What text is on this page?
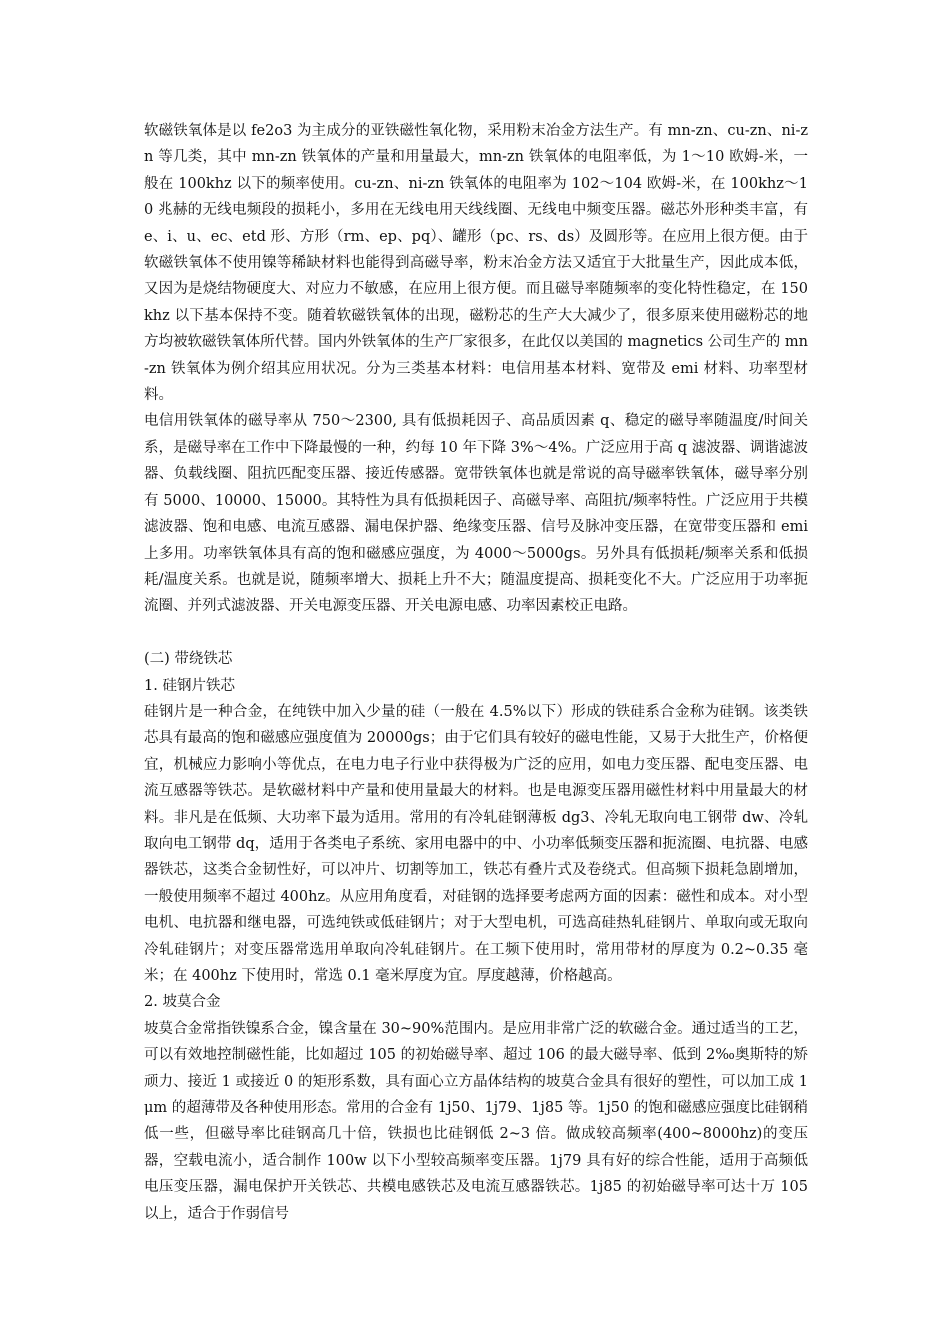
软磁铁氧体是以 fe2o3 为主成分的亚铁磁性氧化物，采用粉末冶金方法生产。有 mn-zn、cu-zn、ni-zn 等几类，其中 mn-zn 铁氧体的产量和用量最大，mn-zn 铁氧体的电阻率低，为 1～10 欧姆-米，一般在 100khz 以下的频率使用。cu-zn、ni-zn 铁氧体的电阻率为 102～104 欧姆-米，在 100khz～10 兆赫的无线电频段的损耗小，多用在无线电用天线线圈、无线电中频变压器。磁芯外形种类丰富，有 e、i、u、ec、etd 形、方形（rm、ep、pq）、罐形（pc、rs、ds）及圆形等。在应用上很方便。由于软磁铁氧体不使用镍等稀缺材料也能得到高磁导率，粉末冶金方法又适宜于大批量生产，因此成本低，又因为是烧结物硬度大、对应力不敏感，在应用上很方便。而且磁导率随频率的变化特性稳定，在 150khz 以下基本保持不变。随着软磁铁氧体的出现，磁粉芯的生产大大减少了，很多原来使用磁粉芯的地方均被软磁铁氧体所代替。国内外铁氧体的生产厂家很多，在此仅以美国的 magnetics 公司生产的 mn-zn 铁氧体为例介绍其应用状况。分为三类基本材料：电信用基本材料、宽带及 emi 材料、功率型材料。

电信用铁氧体的磁导率从 750～2300, 具有低损耗因子、高品质因素 q、稳定的磁导率随温度/时间关系，是磁导率在工作中下降最慢的一种，约每 10 年下降 3%～4%。广泛应用于高 q 滤波器、调谐滤波器、负载线圈、阻抗匹配变压器、接近传感器。宽带铁氧体也就是常说的高导磁率铁氧体，磁导率分别有 5000、10000、15000。其特性为具有低损耗因子、高磁导率、高阻抗/频率特性。广泛应用于共模滤波器、饱和电感、电流互感器、漏电保护器、绝缘变压器、信号及脉冲变压器，在宽带变压器和 emi 上多用。功率铁氧体具有高的饱和磁感应强度，为 4000～5000gs。另外具有低损耗/频率关系和低损耗/温度关系。也就是说，随频率增大、损耗上升不大；随温度提高、损耗变化不大。广泛应用于功率扼流圈、并列式滤波器、开关电源变压器、开关电源电感、功率因素校正电路。

(二) 带绕铁芯

1. 硅钢片铁芯

硅钢片是一种合金，在纯铁中加入少量的硅（一般在 4.5%以下）形成的铁硅系合金称为硅钢。该类铁芯具有最高的饱和磁感应强度值为 20000gs；由于它们具有较好的磁电性能，又易于大批生产，价格便宜，机械应力影响小等优点，在电力电子行业中获得极为广泛的应用，如电力变压器、配电变压器、电流互感器等铁芯。是软磁材料中产量和使用量最大的材料。也是电源变压器用磁性材料中用量最大的材料。非凡是在低频、大功率下最为适用。常用的有冷轧硅钢薄板 dg3、冷轧无取向电工钢带 dw、冷轧取向电工钢带 dq，适用于各类电子系统、家用电器中的中、小功率低频变压器和扼流圈、电抗器、电感器铁芯，这类合金韧性好，可以冲片、切割等加工，铁芯有叠片式及卷绕式。但高频下损耗急剧增加，一般使用频率不超过 400hz。从应用角度看，对硅钢的选择要考虑两方面的因素：磁性和成本。对小型电机、电抗器和继电器，可选纯铁或低硅钢片；对于大型电机，可选高硅热轧硅钢片、单取向或无取向冷轧硅钢片；对变压器常选用单取向冷轧硅钢片。在工频下使用时，常用带材的厚度为 0.2~0.35 毫米；在 400hz 下使用时，常选 0.1 毫米厚度为宜。厚度越薄，价格越高。

2. 坡莫合金

坡莫合金常指铁镍系合金，镍含量在 30~90%范围内。是应用非常广泛的软磁合金。通过适当的工艺，可以有效地控制磁性能，比如超过 105 的初始磁导率、超过 106 的最大磁导率、低到 2‰奥斯特的矫顽力、接近 1 或接近 0 的矩形系数，具有面心立方晶体结构的坡莫合金具有很好的塑性，可以加工成 1μm 的超薄带及各种使用形态。常用的合金有 1j50、1j79、1j85 等。1j50 的饱和磁感应强度比硅钢稍低一些，但磁导率比硅钢高几十倍，铁损也比硅钢低 2~3 倍。做成较高频率(400~8000hz)的变压器，空载电流小，适合制作 100w 以下小型较高频率变压器。1j79 具有好的综合性能，适用于高频低电压变压器，漏电保护开关铁芯、共模电感铁芯及电流互感器铁芯。1j85 的初始磁导率可达十万 105 以上，适合于作弱信号
